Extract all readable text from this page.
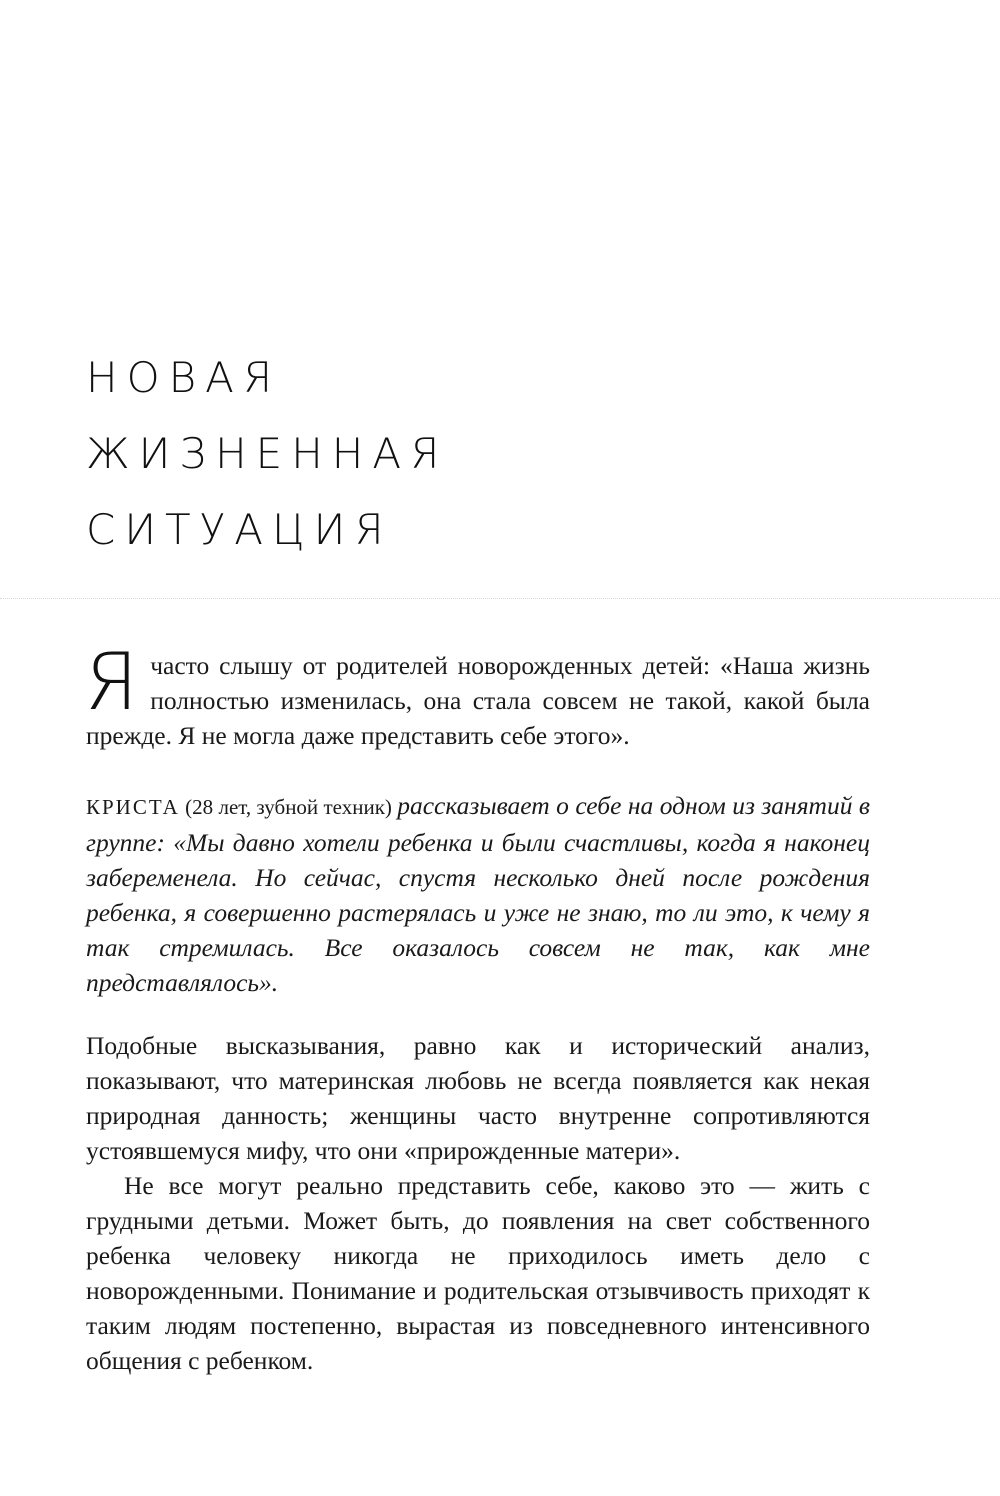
НОВАЯ
ЖИЗНЕННАЯ
СИТУАЦИЯ
Я часто слышу от родителей новорожденных детей: «Наша жизнь полностью изменилась, она стала совсем не такой, какой была прежде. Я не могла даже представить себе этого».
КРИСТА (28 лет, зубной техник) рассказывает о себе на одном из занятий в группе: «Мы давно хотели ребенка и были счастливы, когда я наконец забеременела. Но сейчас, спустя несколько дней после рождения ребенка, я совершенно растерялась и уже не знаю, то ли это, к чему я так стремилась. Все оказалось совсем не так, как мне представлялось».

Подобные высказывания, равно как и исторический анализ, показывают, что материнская любовь не всегда появляется как некая природная данность; женщины часто внутренне сопротивляются устоявшемуся мифу, что они «прирожденные матери».

Не все могут реально представить себе, каково это — жить с грудными детьми. Может быть, до появления на свет собственного ребенка человеку никогда не приходилось иметь дело с новорожденными. Понимание и родительская отзывчивость приходят к таким людям постепенно, вырастая из повседневного интенсивного общения с ребенком.
